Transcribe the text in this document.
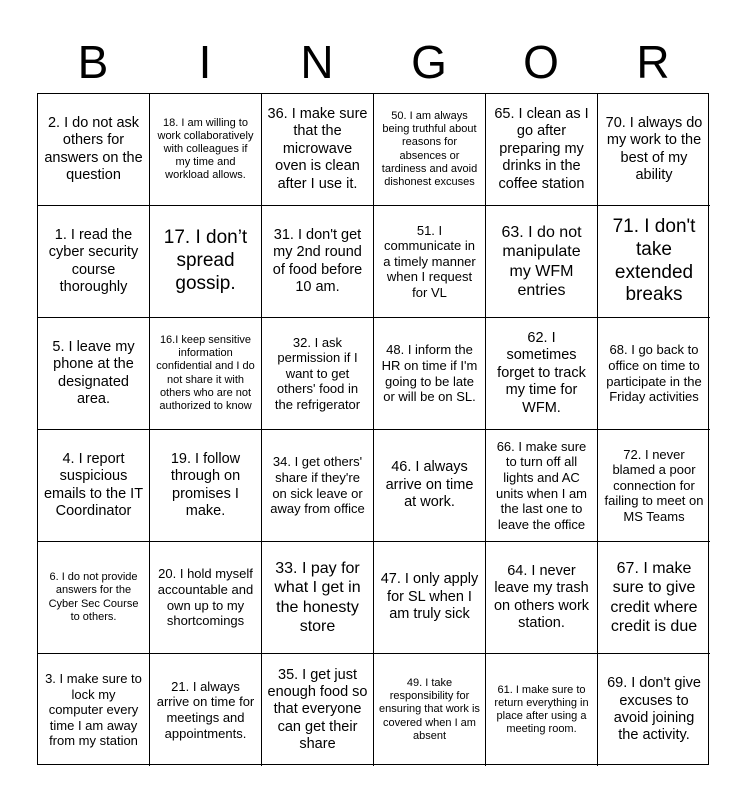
B	I	N	G	O	R
2. I do not ask others for answers on the question
18. I am willing to work collaboratively with colleagues if my time and workload allows.
36. I make sure that the microwave oven is clean after I use it.
50. I am always being truthful about reasons for absences or tardiness and avoid dishonest excuses
65. I clean as I go after preparing my drinks in the coffee station
70. I always do my work to the best of my ability
1. I read the cyber security course thoroughly
17. I don’t spread gossip.
31. I don't get my 2nd round of food before 10 am.
51. I communicate in a timely manner when I request for VL
63. I do not manipulate my WFM entries
71. I don't take extended breaks
5. I leave my phone at the designated area.
16.I keep sensitive information confidential and I do not share it with others who are not authorized to know
32. I ask permission if I want to get others' food in the refrigerator
48. I inform the HR on time if I'm going to be late or will be on SL.
62. I sometimes forget to track my time for WFM.
68. I go back to office on time to participate in the Friday activities
4. I report suspicious emails to the IT Coordinator
19. I follow through on promises I make.
34. I get others' share if they're on sick leave or away from office
46. I always arrive on time at work.
66. I make sure to turn off all lights and AC units when I am the last one to leave the office
72. I never blamed a poor connection for failing to meet on MS Teams
6. I do not provide answers for the Cyber Sec Course to others.
20. I hold myself accountable and own up to my shortcomings
33. I pay for what I get in the honesty store
47. I only apply for SL when I am truly sick
64. I never leave my trash on others work station.
67. I make sure to give credit where credit is due
3. I make sure to lock my computer every time I am away from my station
21. I always arrive on time for meetings and appointments.
35. I get just enough food so that everyone can get their share
49. I take responsibility for ensuring that work is covered when I am absent
61. I make sure to return everything in place after using a meeting room.
69. I don't give excuses to avoid joining the activity.
